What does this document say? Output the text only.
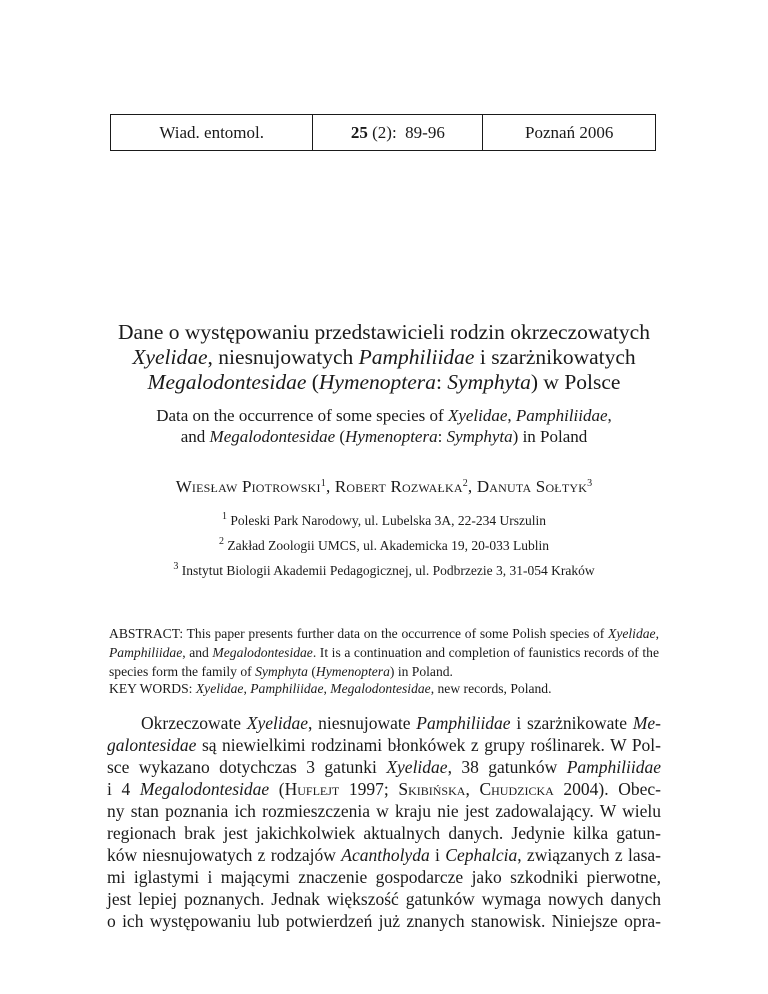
Wiad. entomol.	25 (2):  89-96	Poznań 2006
Dane o występowaniu przedstawicieli rodzin okrzeczowatych
Xyelidae, niesnujowatych Pamphiliidae i szarżnikowatych
Megalodontesidae (Hymenoptera: Symphyta) w Polsce
Data on the occurrence of some species of Xyelidae, Pamphiliidae,
and Megalodontesidae (Hymenoptera: Symphyta) in Poland
Wiesław Piotrowski$^1$, Robert Rozwałka$^2$, Danuta Sołtyk$^3$
$^1$ Poleski Park Narodowy, ul. Lubelska 3A, 22-234 Urszulin
$^2$ Zakład Zoologii UMCS, ul. Akademicka 19, 20-033 Lublin
$^3$ Instytut Biologii Akademii Pedagogicznej, ul. Podbrzezie 3, 31-054 Kraków
ABSTRACT: This paper presents further data on the occurrence of some Polish species of Xyelidae, Pamphiliidae, and Megalodontesidae. It is a continuation and completion of faunistics records of the species form the family of Symphyta (Hymenoptera) in Poland.
KEY WORDS: Xyelidae, Pamphiliidae, Megalodontesidae, new records, Poland.
Okrzeczowate Xyelidae, niesnujowate Pamphiliidae i szarżnikowate Me-
galontesidae są niewielkimi rodzinami błonkówek z grupy roślinarek. W Pol-
sce wykazano dotychczas 3 gatunki Xyelidae, 38 gatunków Pamphiliidae
i 4 Megalodontesidae (Huflejt 1997; Skibińska, Chudzicka 2004). Obec-
ny stan poznania ich rozmieszczenia w kraju nie jest zadowalający. W wielu
regionach brak jest jakichkolwiek aktualnych danych. Jedynie kilka gatun-
ków niesnujowatych z rodzajów Acantholyda i Cephalcia, związanych z lasa-
mi iglastymi i mającymi znaczenie gospodarcze jako szkodniki pierwotne,
jest lepiej poznanych. Jednak większość gatunków wymaga nowych danych
o ich występowaniu lub potwierdzeń już znanych stanowisk. Niniejsze opra-
